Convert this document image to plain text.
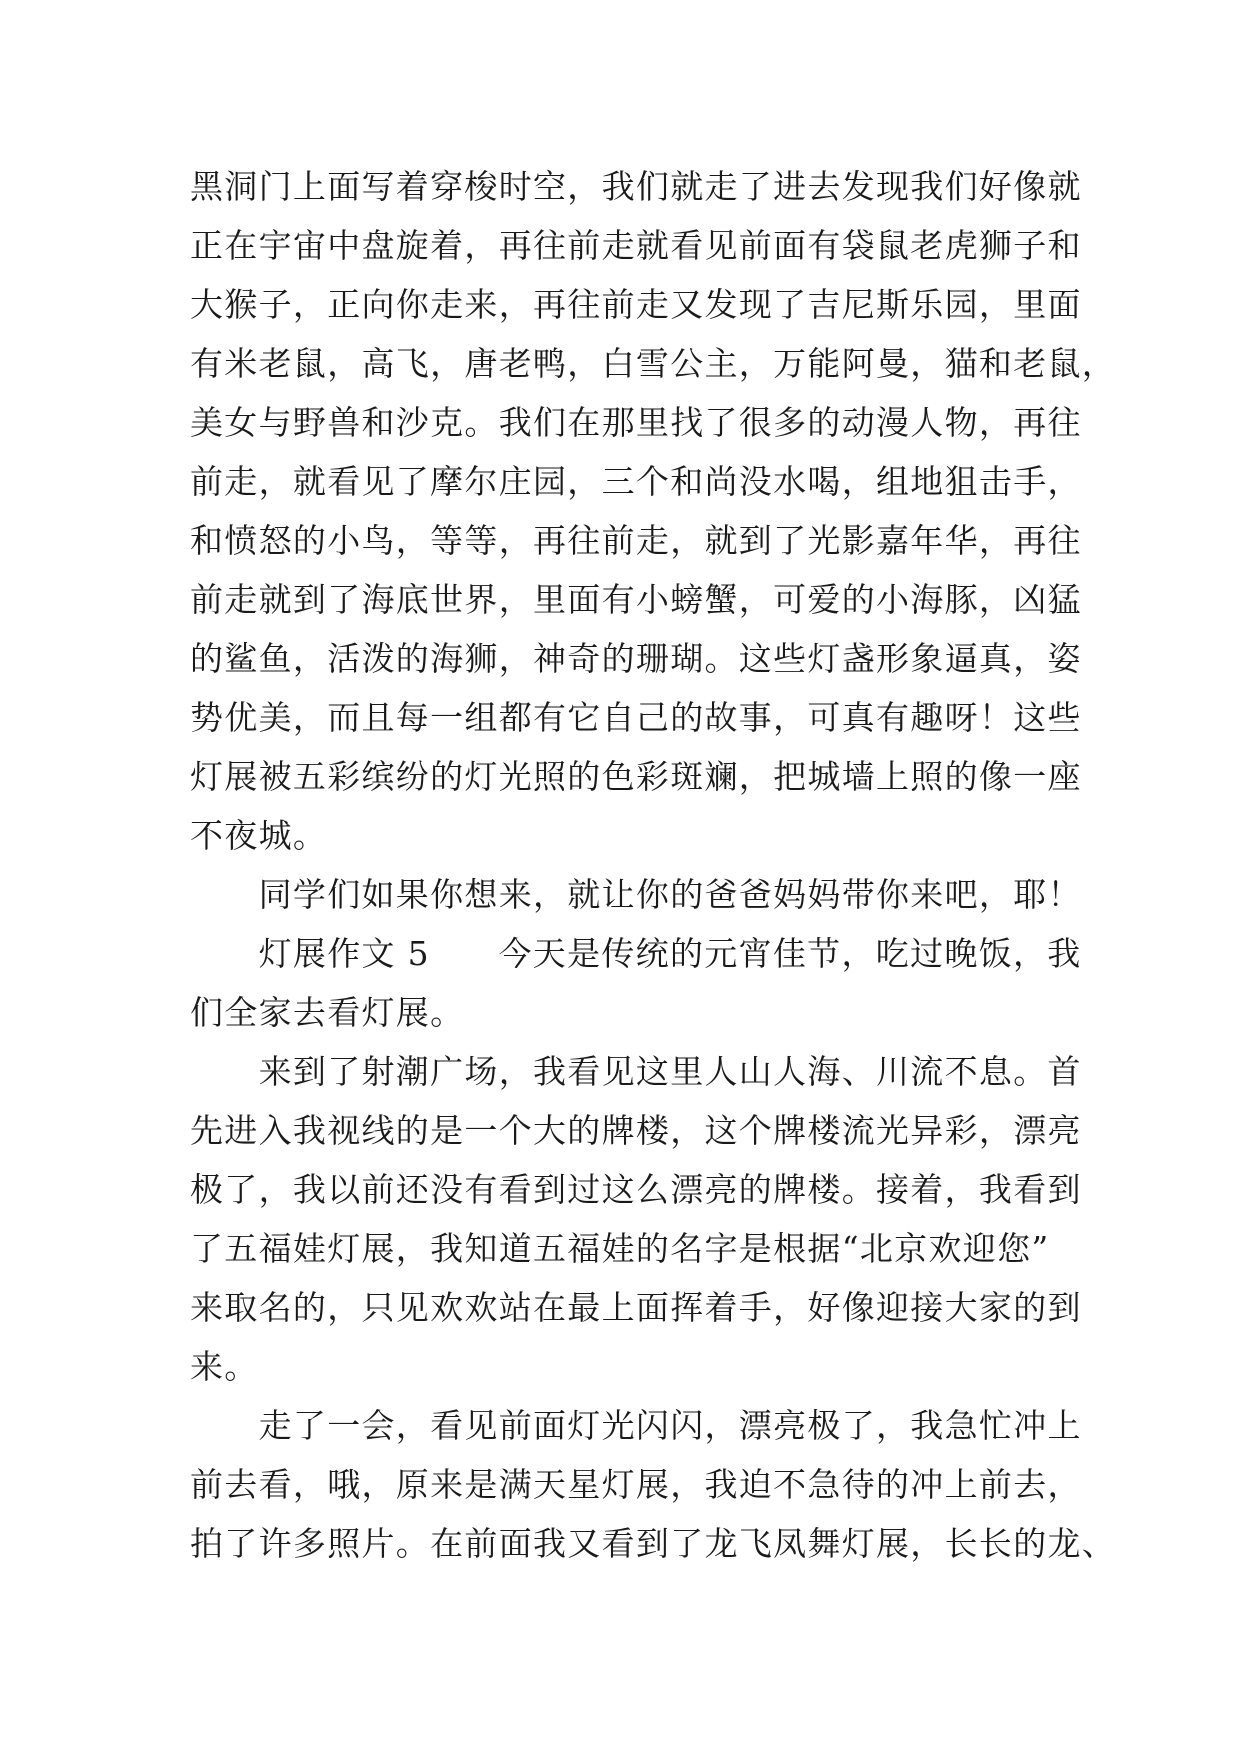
黑洞门上面写着穿梭时空，我们就走了进去发现我们好像就
正在宇宙中盘旋着，再往前走就看见前面有袋鼠老虎狮子和
大猴子，正向你走来，再往前走又发现了吉尼斯乐园，里面
有米老鼠，高飞，唐老鸭，白雪公主，万能阿曼，猫和老鼠，
美女与野兽和沙克。我们在那里找了很多的动漫人物，再往
前走，就看见了摩尔庄园，三个和尚没水喝，组地狙击手，
和愤怒的小鸟，等等，再往前走，就到了光影嘉年华，再往
前走就到了海底世界，里面有小螃蟹，可爱的小海豚，凶猛
的鲨鱼，活泼的海狮，神奇的珊瑚。这些灯盏形象逼真，姿
势优美，而且每一组都有它自己的故事，可真有趣呀！这些
灯展被五彩缤纷的灯光照的色彩斑斓，把城墙上照的像一座
不夜城。
　　同学们如果你想来，就让你的爸爸妈妈带你来吧，耶！
　　灯展作文 5　　今天是传统的元宵佳节，吃过晚饭，我
们全家去看灯展。
　　来到了射潮广场，我看见这里人山人海、川流不息。首
先进入我视线的是一个大的牌楼，这个牌楼流光异彩，漂亮
极了，我以前还没有看到过这么漂亮的牌楼。接着，我看到
了五福娃灯展，我知道五福娃的名字是根据“北京欢迎您”
来取名的，只见欢欢站在最上面挥着手，好像迎接大家的到
来。
　　走了一会，看见前面灯光闪闪，漂亮极了，我急忙冲上
前去看，哦，原来是满天星灯展，我迫不急待的冲上前去，
拍了许多照片。在前面我又看到了龙飞凤舞灯展，长长的龙、
